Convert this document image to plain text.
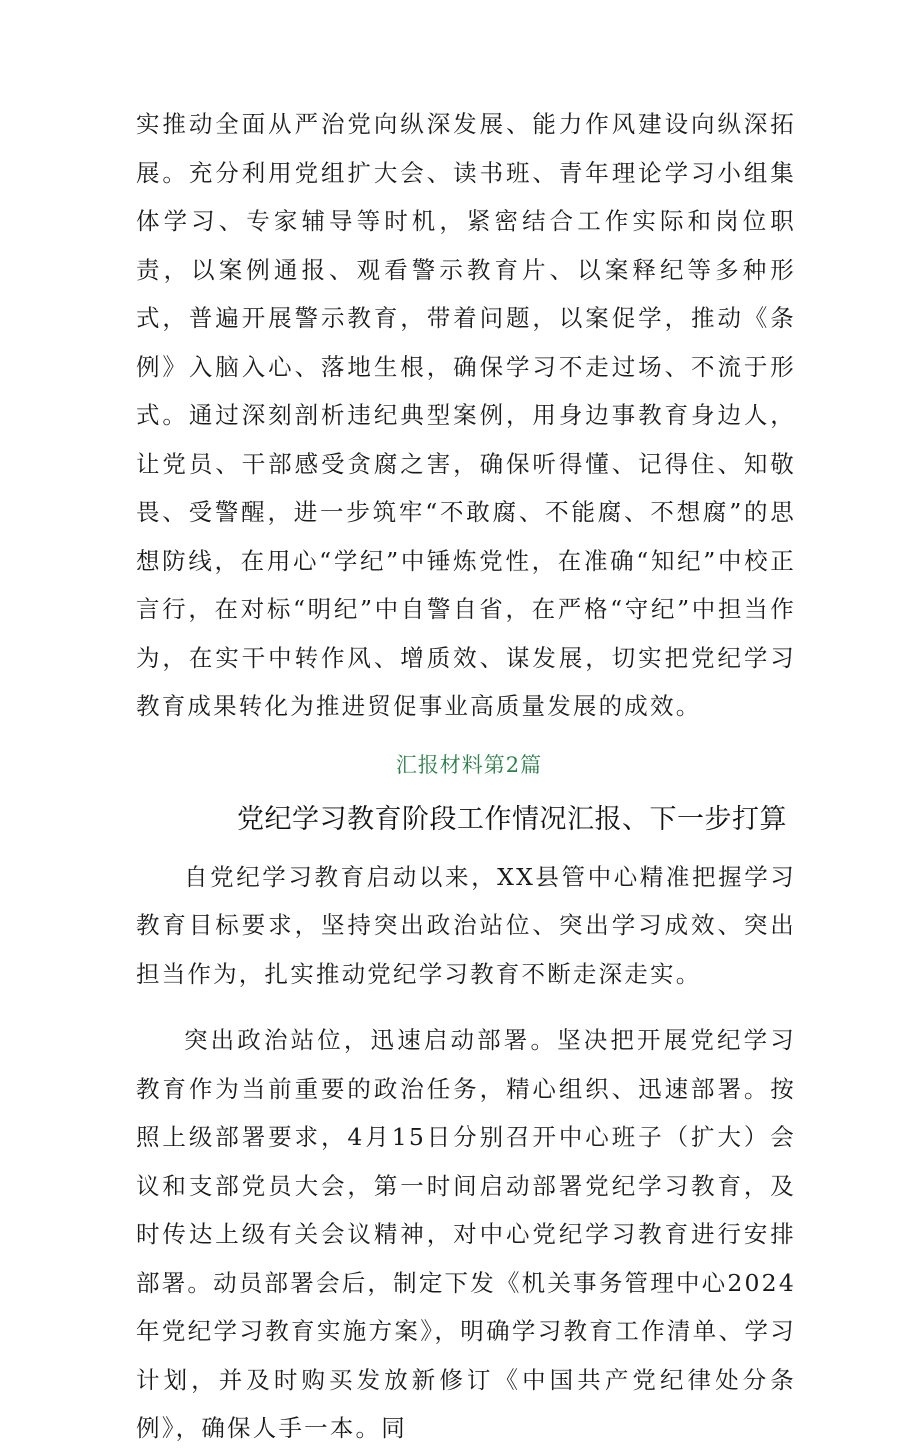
实推动全面从严治党向纵深发展、能力作风建设向纵深拓展。充分利用党组扩大会、读书班、青年理论学习小组集体学习、专家辅导等时机，紧密结合工作实际和岗位职责，以案例通报、观看警示教育片、以案释纪等多种形式，普遍开展警示教育，带着问题，以案促学，推动《条例》入脑入心、落地生根，确保学习不走过场、不流于形式。通过深刻剖析违纪典型案例，用身边事教育身边人，让党员、干部感受贪腐之害，确保听得懂、记得住、知敬畏、受警醒，进一步筑牢“不敢腐、不能腐、不想腐”的思想防线，在用心“学纪”中锤炼党性，在准确“知纪”中校正言行，在对标“明纪”中自警自省，在严格“守纪”中担当作为，在实干中转作风、增质效、谋发展，切实把党纪学习教育成果转化为推进贸促事业高质量发展的成效。

汇报材料第2篇
党纪学习教育阶段工作情况汇报、下一步打算

自党纪学习教育启动以来，XX县管中心精准把握学习教育目标要求，坚持突出政治站位、突出学习成效、突出担当作为，扎实推动党纪学习教育不断走深走实。

突出政治站位，迅速启动部署。坚决把开展党纪学习教育作为当前重要的政治任务，精心组织、迅速部署。按照上级部署要求，4月15日分别召开中心班子（扩大）会议和支部党员大会，第一时间启动部署党纪学习教育，及时传达上级有关会议精神，对中心党纪学习教育进行安排部署。动员部署会后，制定下发《机关事务管理中心2024年党纪学习教育实施方案》，明确学习教育工作清单、学习计划，并及时购买发放新修订《中国共产党纪律处分条例》，确保人手一本。同
